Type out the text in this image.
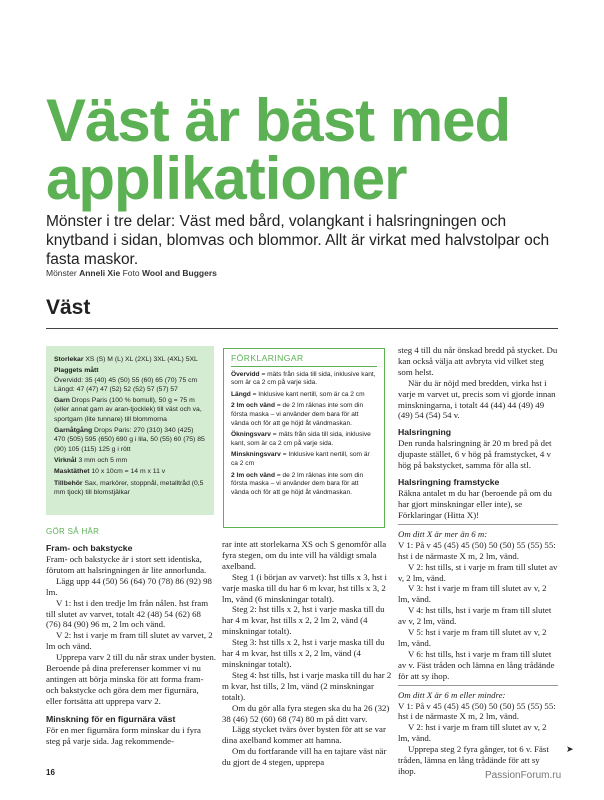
Väst är bäst med applikationer
Mönster i tre delar: Väst med bård, volangkant i halsringningen och knytband i sidan, blomvas och blommor. Allt är virkat med halvstolpar och fasta maskor.
Mönster Anneli Xie Foto Wool and Buggers
Väst
Storlekar XS (S) M (L) XL (2XL) 3XL (4XL) 5XL
Plaggets mått
Övervidd: 35 (40) 45 (50) 55 (60) 65 (70) 75 cm Längd: 47 (47) 47 (52) 52 (52) 57 (57) 57
Garn Drops Paris (100 % bomull), 50 g = 75 m (eller annat garn av aran-tjocklek) till väst och va, sportgarn (lite tunnare) till blommorna
Garnåtgång Drops Paris: 270 (310) 340 (425) 470 (505) 595 (650) 690 g i lila, 50 (55) 60 (75) 85 (90) 105 (115) 125 g i rött
Virknål 3 mm och 5 mm
Masktäthet 10 x 10cm = 14 m x 11 v
Tillbehör Sax, markörer, stoppnål, metalltråd (0,5 mm tjock) till blomstjälkar
GÖR SÅ HÄR
Fram- och bakstycke

Fram- och bakstycke är i stort sett identiska, förutom att halsringningen är lite annorlunda.

Lägg upp 44 (50) 56 (64) 70 (78) 86 (92) 98 lm.

V 1: hst i den tredje lm från nålen. hst fram till slutet av varvet, totalt 42 (48) 54 (62) 68 (76) 84 (90) 96 m, 2 lm och vänd.

V 2: hst i varje m fram till slutet av varvet, 2 lm och vänd.

Upprepa varv 2 till du når strax under bysten. Beroende på dina preferenser kommer vi nu antingen att börja minska för att forma fram- och bakstycke och göra dem mer figurnära, eller fortsätta att upprepa varv 2.

Minskning för en figurnära väst

För en mer figurnära form minskar du i fyra steg på varje sida. Jag rekommende-

FÖRKLARINGAR
Övervidd = mäts från sida till sida, inklusive kant, som är ca 2 cm på varje sida.
Längd = Inklusive kant nertill, som är ca 2 cm
2 lm och vänd = de 2 lm räknas inte som din första maska – vi använder dem bara för att vända och för att ge höjd åt vändmaskan.
Ökningsvarv = mäts från sida till sida, inklusive kant, som är ca 2 cm på varje sida.
Minskningsvarv = Inklusive kant nertill, som är ca 2 cm
2 lm och vänd = de 2 lm räknas inte som din första maska – vi använder dem bara för att vända och för att ge höjd åt vändmaskan.

rar inte att storlekarna XS och S genomför alla fyra stegen, om du inte vill ha väldigt smala axelband.

Steg 1 (i början av varvet): hst tills x 3, hst i varje maska till du har 6 m kvar, hst tills x 3, 2 lm, vänd (6 minskningar totalt).

Steg 2: hst tills x 2, hst i varje maska till du har 4 m kvar, hst tills x 2, 2 lm 2, vänd (4 minskningar totalt).

Steg 3: hst tills x 2, hst i varje maska till du har 4 m kvar, hst tills x 2, 2 lm, vänd (4 minskningar totalt).

Steg 4: hst tills, hst i varje maska till du har 2 m kvar, hst tills, 2 lm, vänd (2 minskningar totalt).

Om du gör alla fyra stegen ska du ha 26 (32) 38 (46) 52 (60) 68 (74) 80 m på ditt varv.

Lägg stycket tvärs över bysten för att se var dina axelband kommer att hamna.

Om du fortfarande vill ha en tajtare väst när du gjort de 4 stegen, upprepa

steg 4 till du når önskad bredd på stycket. Du kan också välja att avbryta vid vilket steg som helst.

När du är nöjd med bredden, virka hst i varje m varvet ut, precis som vi gjorde innan minskningarna, i totalt 44 (44) 44 (49) 49 (49) 54 (54) 54 v.

Halsringning

Den runda halsringning är 20 m bred på det djupaste stället, 6 v hög på framstycket, 4 v hög på bakstycket, samma för alla stl.

Halsringning framstycke

Räkna antalet m du har (beroende på om du har gjort minskningar eller inte), se Förklaringar (Hitta X)!

Om ditt X är mer än 6 m:

V 1: På v 45 (45) 45 (50) 50 (50) 55 (55) 55: hst i de närmaste X m, 2 lm, vänd.

V 2: hst tills, st i varje m fram till slutet av v, 2 lm, vänd.

V 3: hst i varje m fram till slutet av v, 2 lm, vänd.

V 4: hst tills, hst i varje m fram till slutet av v, 2 lm, vänd.

V 5: hst i varje m fram till slutet av v, 2 lm, vänd.

V 6: hst tills, hst i varje m fram till slutet av v. Fäst tråden och lämna en lång trådände för att sy ihop.

Om ditt X är 6 m eller mindre:

V 1: På v 45 (45) 45 (50) 50 (50) 55 (55) 55: hst i de närmaste X m, 2 lm, vänd.

V 2: hst i varje m fram till slutet av v, 2 lm, vänd.

Upprepa steg 2 fyra gånger, tot 6 v. Fäst tråden, lämna en lång trådände för att sy ihop.

➤
16	PassionForum.ru
